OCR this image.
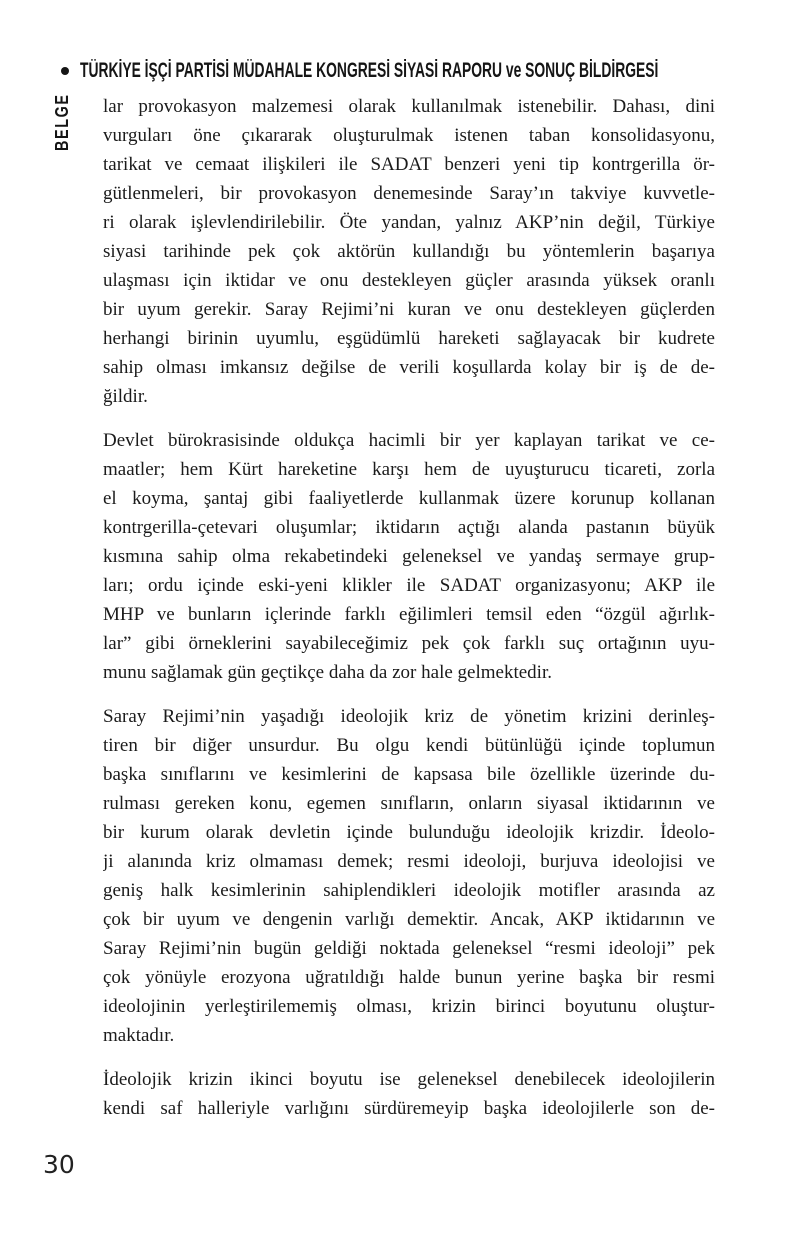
TÜRKİYE İŞÇİ PARTİSİ MÜDAHALE KONGRESİ SİYASİ RAPORU ve SONUÇ BİLDİRGESİ
BELGE lar provokasyon malzemesi olarak kullanılmak istenebilir. Dahası, dini
vurguları öne çıkararak oluşturulmak istenen taban konsolidasyonu,
tarikat ve cemaat ilişkileri ile SADAT benzeri yeni tip kontrgerilla ör-
gütlenmeleri, bir provokasyon denemesinde Saray’ın takviye kuvvetle-
ri olarak işlevlendirilebilir. Öte yandan, yalnız AKP’nin değil, Türkiye
siyasi tarihinde pek çok aktörün kullandığı bu yöntemlerin başarıya
ulaşması için iktidar ve onu destekleyen güçler arasında yüksek oranlı
bir uyum gerekir. Saray Rejimi’ni kuran ve onu destekleyen güçlerden
herhangi birinin uyumlu, eşgüdümlü hareketi sağlayacak bir kudrete
sahip olması imkansız değilse de verili koşullarda kolay bir iş de de-
ğildir.
Devlet bürokrasisinde oldukça hacimli bir yer kaplayan tarikat ve ce-
maatler; hem Kürt hareketine karşı hem de uyuşturucu ticareti, zorla
el koyma, şantaj gibi faaliyetlerde kullanmak üzere korunup kollanan
kontrgerilla-çetevari oluşumlar; iktidarın açtığı alanda pastanın büyük
kısmına sahip olma rekabetindeki geleneksel ve yandaş sermaye grup-
ları; ordu içinde eski-yeni klikler ile SADAT organizasyonu; AKP ile
MHP ve bunların içlerinde farklı eğilimleri temsil eden “özgül ağırlık-
lar” gibi örneklerini sayabileceğimiz pek çok farklı suç ortağının uyu-
munu sağlamak gün geçtikçe daha da zor hale gelmektedir.
Saray Rejimi’nin yaşadığı ideolojik kriz de yönetim krizini derinleş-
tiren bir diğer unsurdur. Bu olgu kendi bütünlüğü içinde toplumun
başka sınıflarını ve kesimlerini de kapsasa bile özellikle üzerinde du-
rulması gereken konu, egemen sınıfların, onların siyasal iktidarının ve
bir kurum olarak devletin içinde bulunduğu ideolojik krizdir. İdeolo-
ji alanında kriz olmaması demek; resmi ideoloji, burjuva ideolojisi ve
geniş halk kesimlerinin sahiplendikleri ideolojik motifler arasında az
çok bir uyum ve dengenin varlığı demektir. Ancak, AKP iktidarının ve
Saray Rejimi’nin bugün geldiği noktada geleneksel “resmi ideoloji” pek
çok yönüyle erozyona uğratıldığı halde bunun yerine başka bir resmi
ideolojinin yerleştirilememiş olması, krizin birinci boyutunu oluştur-
maktadır.
İdeolojik krizin ikinci boyutu ise geleneksel denebilecek ideolojilerin
kendi saf halleriyle varlığını sürdüremeyip başka ideolojilerle son de-
30
